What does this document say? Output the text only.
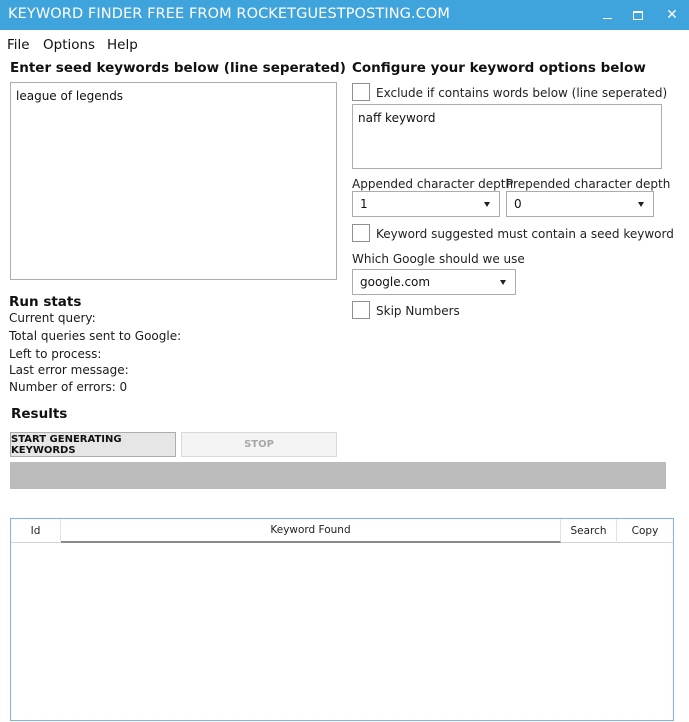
KEYWORD FINDER FREE FROM ROCKETGUESTPOSTING.COM	✕
File Options Help
Enter seed keywords below (line seperated)
league of legends
Configure your keyword options below
Exclude if contains words below (line seperated)
naff keyword
Appended character depth
Prepended character depth
1	0
Keyword suggested must contain a seed keyword
Which Google should we use
google.com
Skip Numbers
Run stats
Current query:
Total queries sent to Google:
Left to process:
Last error message:
Number of errors: 0
Results
START GENERATING KEYWORDS	STOP
Id	Keyword Found	Search	Copy
